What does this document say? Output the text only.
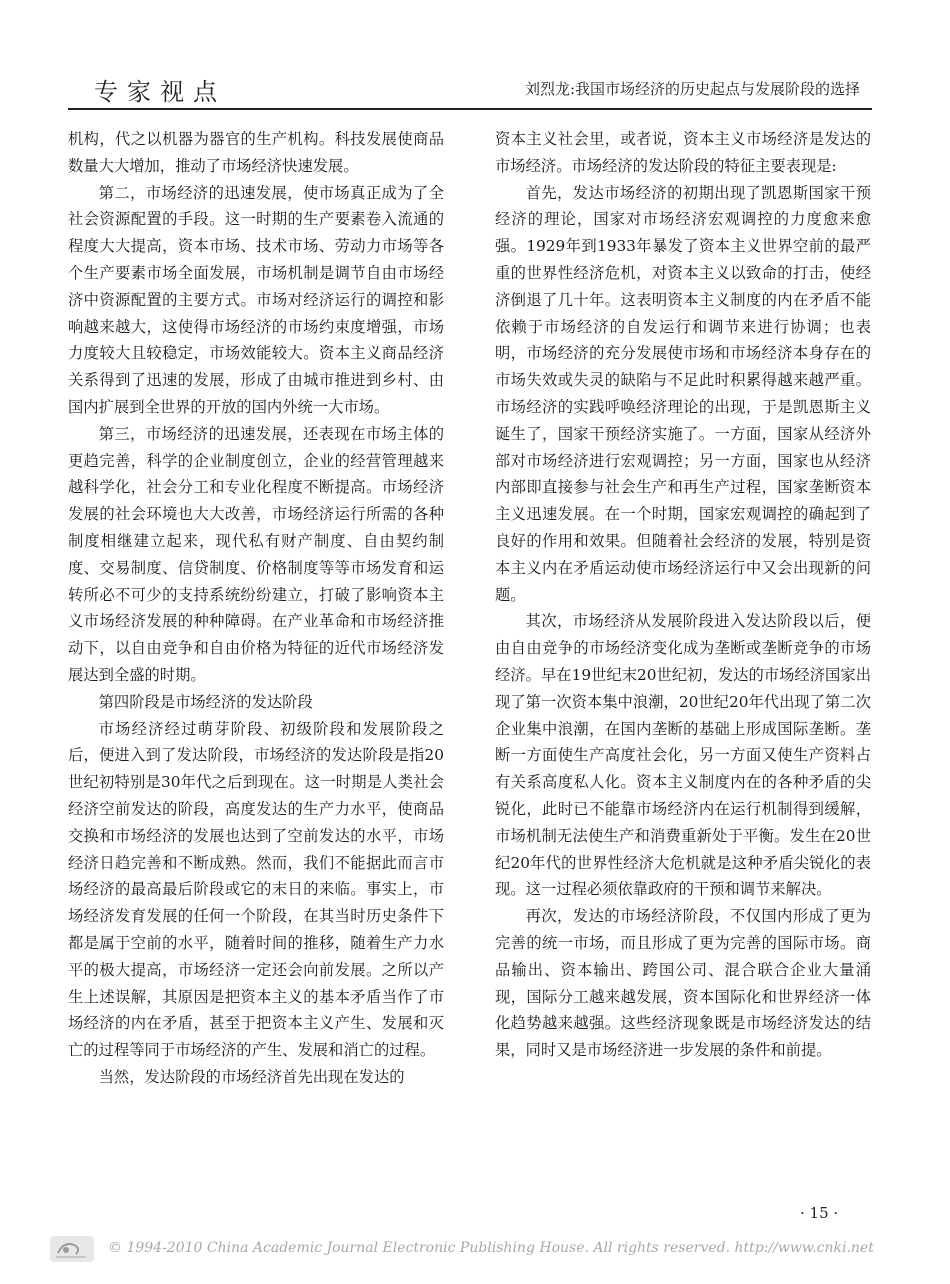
专家视点	刘烈龙:我国市场经济的历史起点与发展阶段的选择

机构，代之以机器为器官的生产机构。科技发展使商品数量大大增加，推动了市场经济快速发展。

第二，市场经济的迅速发展，使市场真正成为了全社会资源配置的手段。这一时期的生产要素卷入流通的程度大大提高，资本市场、技术市场、劳动力市场等各个生产要素市场全面发展，市场机制是调节自由市场经济中资源配置的主要方式。市场对经济运行的调控和影响越来越大，这使得市场经济的市场约束度增强，市场力度较大且较稳定，市场效能较大。资本主义商品经济关系得到了迅速的发展，形成了由城市推进到乡村、由国内扩展到全世界的开放的国内外统一大市场。

第三，市场经济的迅速发展，还表现在市场主体的更趋完善，科学的企业制度创立，企业的经营管理越来越科学化，社会分工和专业化程度不断提高。市场经济发展的社会环境也大大改善，市场经济运行所需的各种制度相继建立起来，现代私有财产制度、自由契约制度、交易制度、信贷制度、价格制度等等市场发育和运转所必不可少的支持系统纷纷建立，打破了影响资本主义市场经济发展的种种障碍。在产业革命和市场经济推动下，以自由竞争和自由价格为特征的近代市场经济发展达到全盛的时期。

第四阶段是市场经济的发达阶段

市场经济经过萌芽阶段、初级阶段和发展阶段之后，便进入到了发达阶段，市场经济的发达阶段是指20世纪初特别是30年代之后到现在。这一时期是人类社会经济空前发达的阶段，高度发达的生产力水平，使商品交换和市场经济的发展也达到了空前发达的水平，市场经济日趋完善和不断成熟。然而，我们不能据此而言市场经济的最高最后阶段或它的末日的来临。事实上，市场经济发育发展的任何一个阶段，在其当时历史条件下都是属于空前的水平，随着时间的推移，随着生产力水平的极大提高，市场经济一定还会向前发展。之所以产生上述误解，其原因是把资本主义的基本矛盾当作了市场经济的内在矛盾，甚至于把资本主义产生、发展和灭亡的过程等同于市场经济的产生、发展和消亡的过程。

当然，发达阶段的市场经济首先出现在发达的

资本主义社会里，或者说，资本主义市场经济是发达的市场经济。市场经济的发达阶段的特征主要表现是:

首先，发达市场经济的初期出现了凯恩斯国家干预经济的理论，国家对市场经济宏观调控的力度愈来愈强。1929年到1933年暴发了资本主义世界空前的最严重的世界性经济危机，对资本主义以致命的打击，使经济倒退了几十年。这表明资本主义制度的内在矛盾不能依赖于市场经济的自发运行和调节来进行协调；也表明，市场经济的充分发展使市场和市场经济本身存在的市场失效或失灵的缺陷与不足此时积累得越来越严重。市场经济的实践呼唤经济理论的出现，于是凯恩斯主义诞生了，国家干预经济实施了。一方面，国家从经济外部对市场经济进行宏观调控；另一方面，国家也从经济内部即直接参与社会生产和再生产过程，国家垄断资本主义迅速发展。在一个时期，国家宏观调控的确起到了良好的作用和效果。但随着社会经济的发展，特别是资本主义内在矛盾运动使市场经济运行中又会出现新的问题。

其次，市场经济从发展阶段进入发达阶段以后，便由自由竞争的市场经济变化成为垄断或垄断竞争的市场经济。早在19世纪末20世纪初，发达的市场经济国家出现了第一次资本集中浪潮，20世纪20年代出现了第二次企业集中浪潮，在国内垄断的基础上形成国际垄断。垄断一方面使生产高度社会化，另一方面又使生产资料占有关系高度私人化。资本主义制度内在的各种矛盾的尖锐化，此时已不能靠市场经济内在运行机制得到缓解，市场机制无法使生产和消费重新处于平衡。发生在20世纪20年代的世界性经济大危机就是这种矛盾尖锐化的表现。这一过程必须依靠政府的干预和调节来解决。

再次，发达的市场经济阶段，不仅国内形成了更为完善的统一市场，而且形成了更为完善的国际市场。商品输出、资本输出、跨国公司、混合联合企业大量涌现，国际分工越来越发展，资本国际化和世界经济一体化趋势越来越强。这些经济现象既是市场经济发达的结果，同时又是市场经济进一步发展的条件和前提。

· 15 ·
© 1994-2010 China Academic Journal Electronic Publishing House. All rights reserved. http://www.cnki.net
